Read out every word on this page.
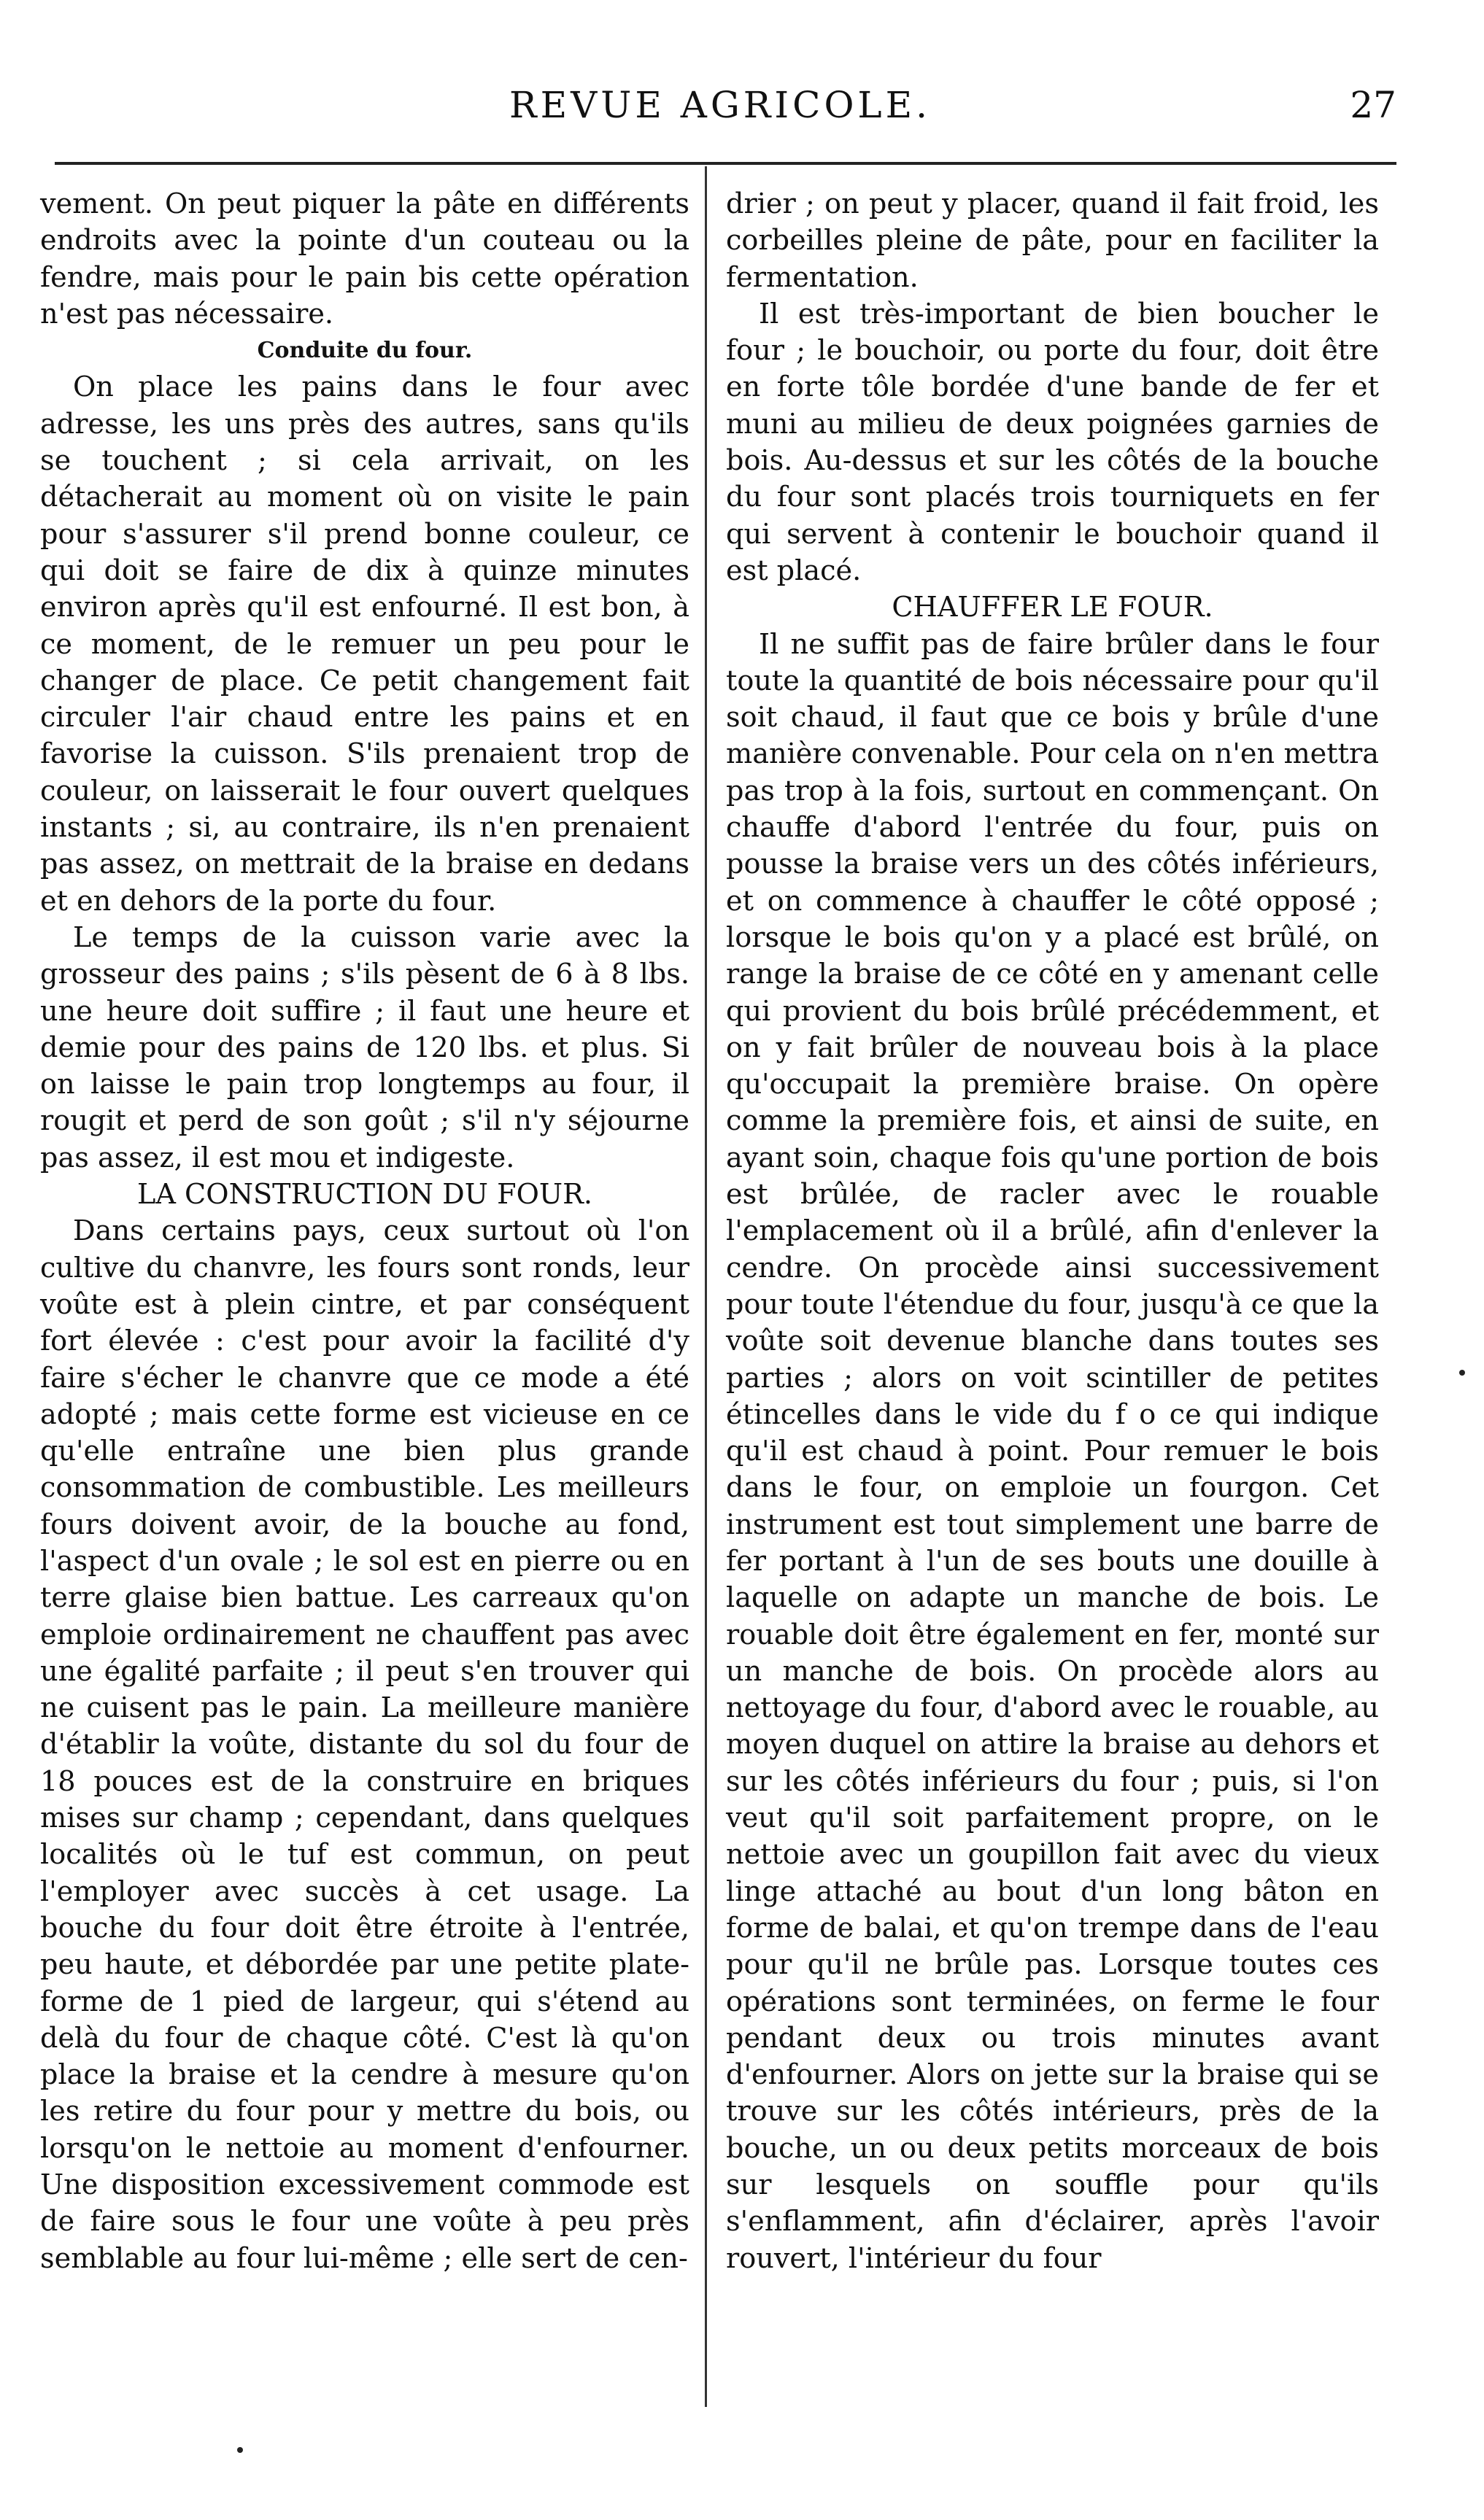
REVUE AGRICOLE.	27

vement. On peut piquer la pâte en différents endroits avec la pointe d'un couteau ou la fendre, mais pour le pain bis cette opération n'est pas nécessaire.

Conduite du four.

On place les pains dans le four avec adresse, les uns près des autres, sans qu'ils se touchent ; si cela arrivait, on les détacherait au moment où on visite le pain pour s'assurer s'il prend bonne couleur, ce qui doit se faire de dix à quinze minutes environ après qu'il est enfourné. Il est bon, à ce moment, de le remuer un peu pour le changer de place. Ce petit changement fait circuler l'air chaud entre les pains et en favorise la cuisson. S'ils prenaient trop de couleur, on laisserait le four ouvert quelques instants ; si, au contraire, ils n'en prenaient pas assez, on mettrait de la braise en dedans et en dehors de la porte du four.

Le temps de la cuisson varie avec la grosseur des pains ; s'ils pèsent de 6 à 8 lbs. une heure doit suffire ; il faut une heure et demie pour des pains de 120 lbs. et plus. Si on laisse le pain trop longtemps au four, il rougit et perd de son goût ; s'il n'y séjourne pas assez, il est mou et indigeste.

LA CONSTRUCTION DU FOUR.

Dans certains pays, ceux surtout où l'on cultive du chanvre, les fours sont ronds, leur voûte est à plein cintre, et par conséquent fort élevée : c'est pour avoir la facilité d'y faire s'écher le chanvre que ce mode a été adopté ; mais cette forme est vicieuse en ce qu'elle entraîne une bien plus grande consommation de combustible. Les meilleurs fours doivent avoir, de la bouche au fond, l'aspect d'un ovale ; le sol est en pierre ou en terre glaise bien battue. Les carreaux qu'on emploie ordinairement ne chauffent pas avec une égalité parfaite ; il peut s'en trouver qui ne cuisent pas le pain. La meilleure manière d'établir la voûte, distante du sol du four de 18 pouces est de la construire en briques mises sur champ ; cependant, dans quelques localités où le tuf est commun, on peut l'employer avec succès à cet usage. La bouche du four doit être étroite à l'entrée, peu haute, et débordée par une petite plate-forme de 1 pied de largeur, qui s'étend au delà du four de chaque côté. C'est là qu'on place la braise et la cendre à mesure qu'on les retire du four pour y mettre du bois, ou lorsqu'on le nettoie au moment d'enfourner. Une disposition excessivement commode est de faire sous le four une voûte à peu près semblable au four lui-même ; elle sert de cen-

drier ; on peut y placer, quand il fait froid, les corbeilles pleine de pâte, pour en faciliter la fermentation.

Il est très-important de bien boucher le four ; le bouchoir, ou porte du four, doit être en forte tôle bordée d'une bande de fer et muni au milieu de deux poignées garnies de bois. Au-dessus et sur les côtés de la bouche du four sont placés trois tourniquets en fer qui servent à contenir le bouchoir quand il est placé.

CHAUFFER LE FOUR.

Il ne suffit pas de faire brûler dans le four toute la quantité de bois nécessaire pour qu'il soit chaud, il faut que ce bois y brûle d'une manière convenable. Pour cela on n'en mettra pas trop à la fois, surtout en commençant. On chauffe d'abord l'entrée du four, puis on pousse la braise vers un des côtés inférieurs, et on commence à chauffer le côté opposé ; lorsque le bois qu'on y a placé est brûlé, on range la braise de ce côté en y amenant celle qui provient du bois brûlé précédemment, et on y fait brûler de nouveau bois à la place qu'occupait la première braise. On opère comme la première fois, et ainsi de suite, en ayant soin, chaque fois qu'une portion de bois est brûlée, de racler avec le rouable l'emplacement où il a brûlé, afin d'enlever la cendre. On procède ainsi successivement pour toute l'étendue du four, jusqu'à ce que la voûte soit devenue blanche dans toutes ses parties ; alors on voit scintiller de petites étincelles dans le vide du f o ce qui indique qu'il est chaud à point. Pour remuer le bois dans le four, on emploie un fourgon. Cet instrument est tout simplement une barre de fer portant à l'un de ses bouts une douille à laquelle on adapte un manche de bois. Le rouable doit être également en fer, monté sur un manche de bois. On procède alors au nettoyage du four, d'abord avec le rouable, au moyen duquel on attire la braise au dehors et sur les côtés inférieurs du four ; puis, si l'on veut qu'il soit parfaitement propre, on le nettoie avec un goupillon fait avec du vieux linge attaché au bout d'un long bâton en forme de balai, et qu'on trempe dans de l'eau pour qu'il ne brûle pas. Lorsque toutes ces opérations sont terminées, on ferme le four pendant deux ou trois minutes avant d'enfourner. Alors on jette sur la braise qui se trouve sur les côtés intérieurs, près de la bouche, un ou deux petits morceaux de bois sur lesquels on souffle pour qu'ils s'enflamment, afin d'éclairer, après l'avoir rouvert, l'intérieur du four
